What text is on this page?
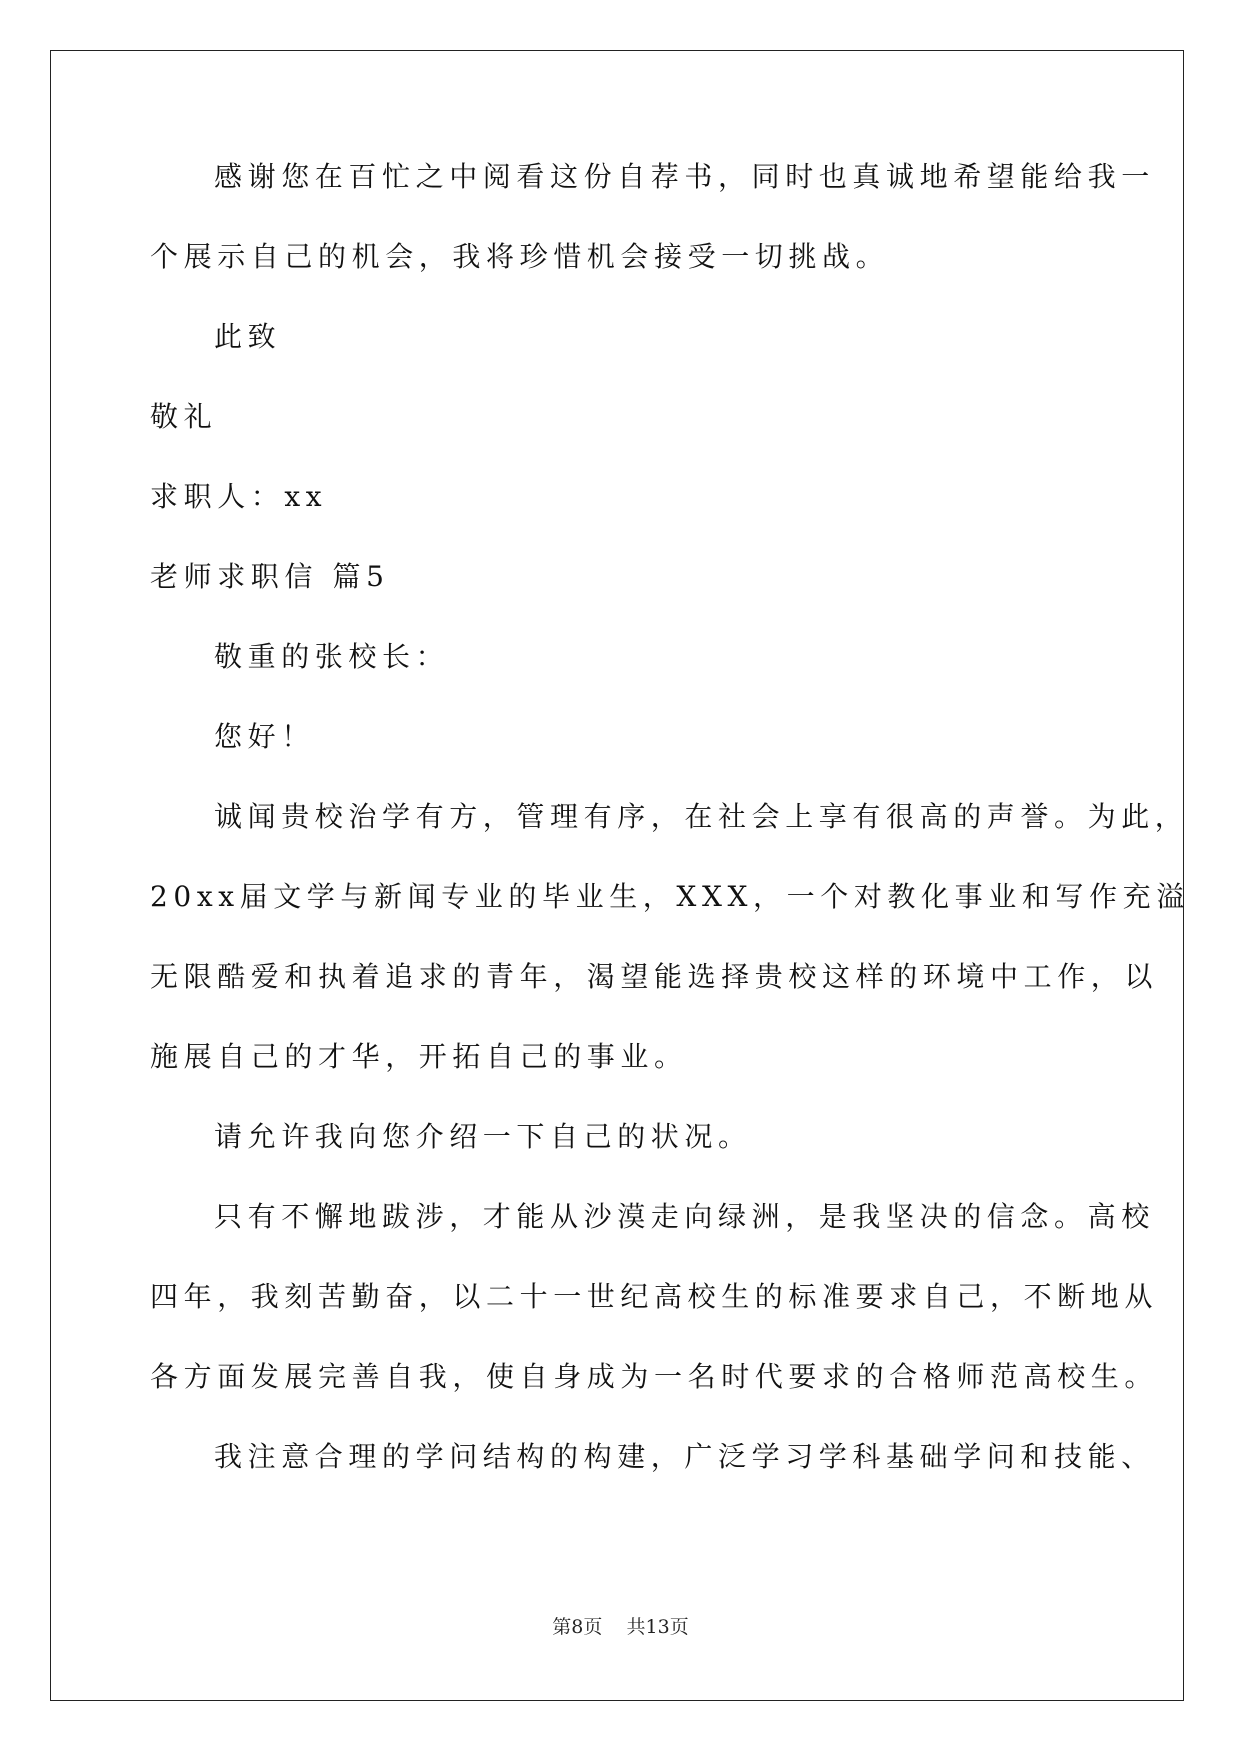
感谢您在百忙之中阅看这份自荐书，同时也真诚地希望能给我一

个展示自己的机会，我将珍惜机会接受一切挑战。

此致

敬礼

求职人：xx

老师求职信 篇5

敬重的张校长：

您好！

诚闻贵校治学有方，管理有序，在社会上享有很高的声誉。为此，

20xx届文学与新闻专业的毕业生，XXX，一个对教化事业和写作充溢

无限酷爱和执着追求的青年，渴望能选择贵校这样的环境中工作，以

施展自己的才华，开拓自己的事业。

请允许我向您介绍一下自己的状况。

只有不懈地跋涉，才能从沙漠走向绿洲，是我坚决的信念。高校

四年，我刻苦勤奋，以二十一世纪高校生的标准要求自己，不断地从

各方面发展完善自我，使自身成为一名时代要求的合格师范高校生。

我注意合理的学问结构的构建，广泛学习学科基础学问和技能、

第8页    共13页
